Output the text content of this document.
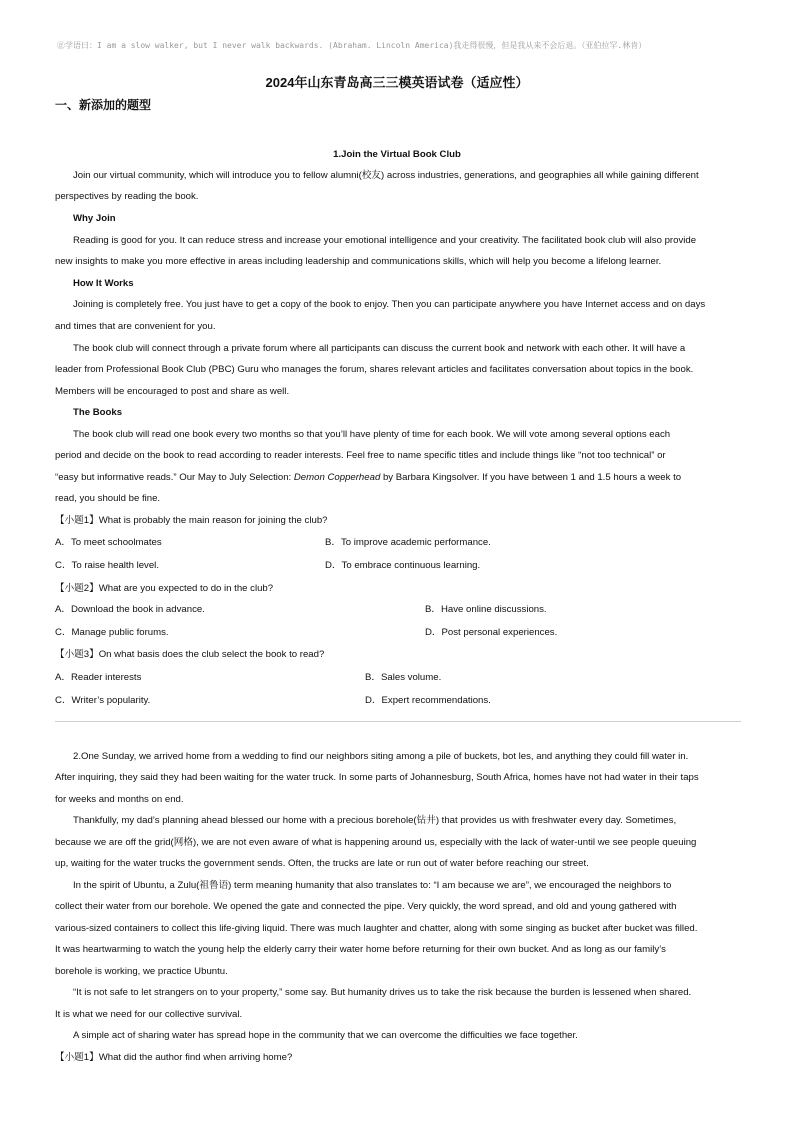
㊣学语曰：I am a slow walker, but I never walk backwards. (Abraham. Lincoln America)我走得很慢，但是我从来不会后退。（亚伯拉罕.林肯）
2024年山东青岛高三三模英语试卷（适应性）
一、新添加的题型
1.Join the Virtual Book Club
Join our virtual community, which will introduce you to fellow alumni(校友) across industries, generations, and geographies all while gaining different
perspectives by reading the book.
Why Join
Reading is good for you. It can reduce stress and increase your emotional intelligence and your creativity. The facilitated book club will also provide
new insights to make you more effective in areas including leadership and communications skills, which will help you become a lifelong learner.
How It Works
Joining is completely free. You just have to get a copy of the book to enjoy. Then you can participate anywhere you have Internet access and on days
and times that are convenient for you.
The book club will connect through a private forum where all participants can discuss the current book and network with each other. It will have a
leader from Professional Book Club (PBC) Guru who manages the forum, shares relevant articles and facilitates conversation about topics in the book.
Members will be encouraged to post and share as well.
The Books
The book club will read one book every two months so that you’ll have plenty of time for each book. We will vote among several options each
period and decide on the book to read according to reader interests. Feel free to name specific titles and include things like “not too technical” or
“easy but informative reads.” Our May to July Selection: Demon Copperhead by Barbara Kingsolver. If you have between 1 and 1.5 hours a week to
read, you should be fine.
【小题1】What is probably the main reason for joining the club?
A．To meet schoolmates	B．To improve academic performance.
C．To raise health level.	D．To embrace continuous learning.
【小题2】What are you expected to do in the club?
A．Download the book in advance.	B．Have online discussions.
C．Manage public forums.	D．Post personal experiences.
【小题3】On what basis does the club select the book to read?
A．Reader interests	B．Sales volume.
C．Writer’s popularity.	D．Expert recommendations.
2.One Sunday, we arrived home from a wedding to find our neighbors siting among a pile of buckets, bot les, and anything they could fill water in.
After inquiring, they said they had been waiting for the water truck. In some parts of Johannesburg, South Africa, homes have not had water in their taps
for weeks and months on end.
Thankfully, my dad’s planning ahead blessed our home with a precious borehole(钻井) that provides us with freshwater every day. Sometimes,
because we are off the grid(网格), we are not even aware of what is happening around us, especially with the lack of water-until we see people queuing
up, waiting for the water trucks the government sends. Often, the trucks are late or run out of water before reaching our street.
In the spirit of Ubuntu, a Zulu(祖鲁语) term meaning humanity that also translates to: “I am because we are”, we encouraged the neighbors to
collect their water from our borehole. We opened the gate and connected the pipe. Very quickly, the word spread, and old and young gathered with
various-sized containers to collect this life-giving liquid. There was much laughter and chatter, along with some singing as bucket after bucket was filled.
It was heartwarming to watch the young help the elderly carry their water home before returning for their own bucket. And as long as our family’s
borehole is working, we practice Ubuntu.
“It is not safe to let strangers on to your property,” some say. But humanity drives us to take the risk because the burden is lessened when shared.
It is what we need for our collective survival.
A simple act of sharing water has spread hope in the community that we can overcome the difficulties we face together.
【小题1】What did the author find when arriving home?
